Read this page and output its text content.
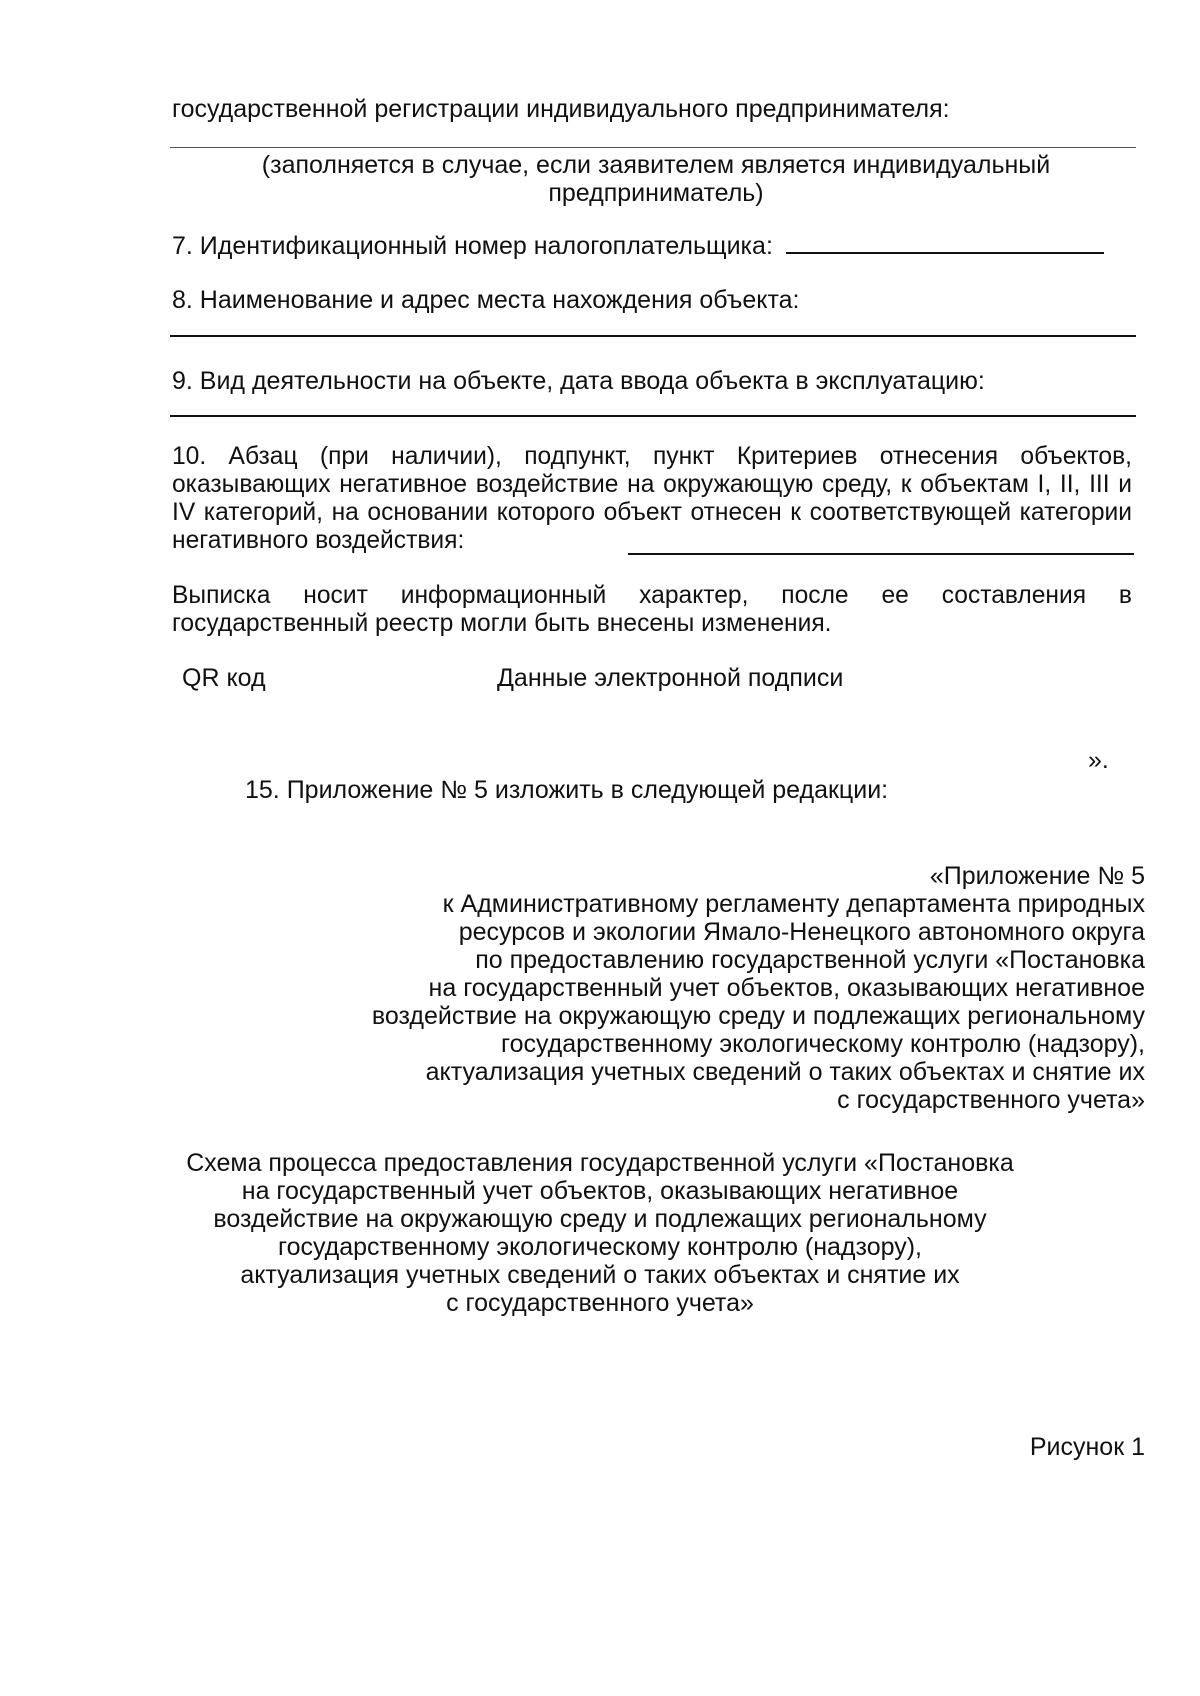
государственной регистрации индивидуального предпринимателя:
(заполняется в случае, если заявителем является индивидуальный предприниматель)
7. Идентификационный номер налогоплательщика:
8. Наименование и адрес места нахождения объекта:
9. Вид деятельности на объекте, дата ввода объекта в эксплуатацию:
10. Абзац (при наличии), подпункт, пункт Критериев отнесения объектов, оказывающих негативное воздействие на окружающую среду, к объектам I, II, III и IV категорий, на основании которого объект отнесен к соответствующей категории негативного воздействия:
Выписка носит информационный характер, после ее составления в государственный реестр могли быть внесены изменения.
QR код	Данные электронной подписи
».
15. Приложение № 5 изложить в следующей редакции:
«Приложение № 5
к Административному регламенту департамента природных
ресурсов и экологии Ямало-Ненецкого автономного округа
по предоставлению государственной услуги «Постановка
на государственный учет объектов, оказывающих негативное
воздействие на окружающую среду и подлежащих региональному
государственному экологическому контролю (надзору),
актуализация учетных сведений о таких объектах и снятие их
с государственного учета»
Схема процесса предоставления государственной услуги «Постановка
на государственный учет объектов, оказывающих негативное
воздействие на окружающую среду и подлежащих региональному
государственному экологическому контролю (надзору),
актуализация учетных сведений о таких объектах и снятие их
с государственного учета»
Рисунок 1
